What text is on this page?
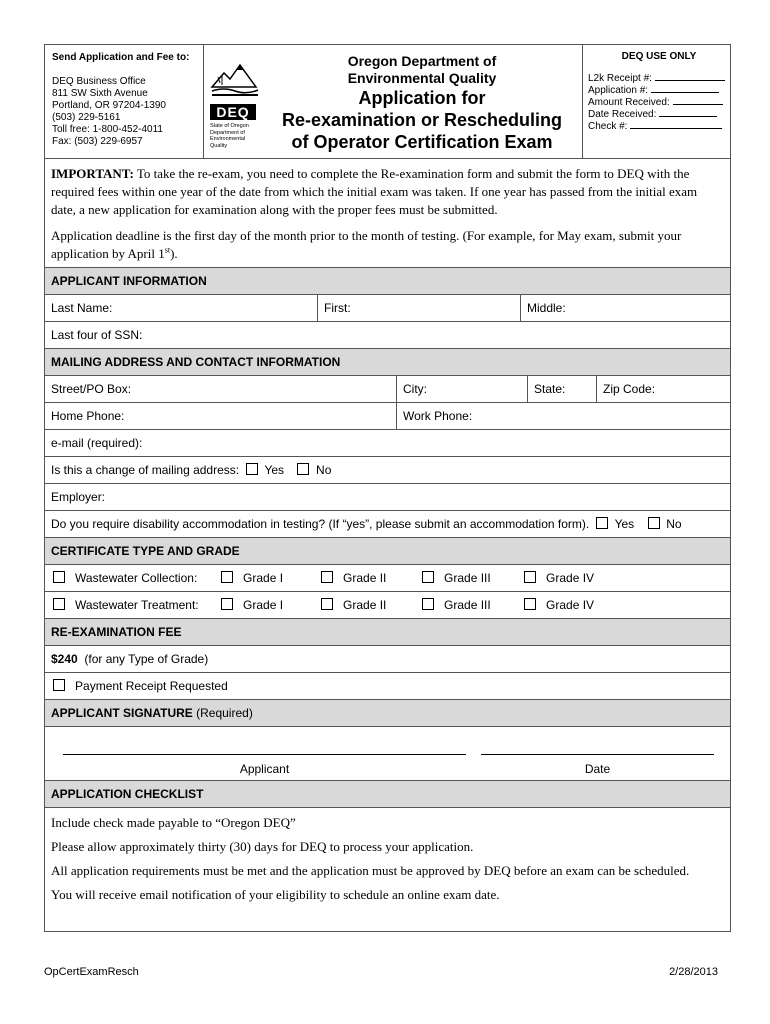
Send Application and Fee to:
DEQ Business Office
811 SW Sixth Avenue
Portland, OR 97204-1390
(503) 229-5161
Toll free: 1-800-452-4011
Fax: (503) 229-6957
DEQ
State of Oregon
Department of
Environmental
Quality
Oregon Department of
Environmental Quality
Application for
Re-examination or Rescheduling
of Operator Certification Exam
DEQ USE ONLY
L2k Receipt #:
Application #:
Amount Received:
Date Received:
Check #:

IMPORTANT: To take the re-exam, you need to complete the Re-examination form and submit the form to DEQ with the required fees within one year of the date from which the initial exam was taken. If one year has passed from the initial exam date, a new application for examination along with the proper fees must be submitted.

Application deadline is the first day of the month prior to the month of testing. (For example, for May exam, submit your application by April 1st).

APPLICANT INFORMATION
Last Name:	First:	Middle:
Last four of SSN:
MAILING ADDRESS AND CONTACT INFORMATION
Street/PO Box:	City:	State:	Zip Code:
Home Phone:	Work Phone:
e-mail (required):
Is this a change of mailing address: Yes	No
Employer:
Do you require disability accommodation in testing? (If “yes”, please submit an accommodation form). Yes	No
CERTIFICATE TYPE AND GRADE
Wastewater Collection:	Grade I	Grade II	Grade III	Grade IV
Wastewater Treatment:	Grade I	Grade II	Grade III	Grade IV
RE-EXAMINATION FEE
$240 (for any Type of Grade)
Payment Receipt Requested
APPLICANT SIGNATURE (Required)
Applicant	Date
APPLICATION CHECKLIST

Include check made payable to “Oregon DEQ”

Please allow approximately thirty (30) days for DEQ to process your application.

All application requirements must be met and the application must be approved by DEQ before an exam can be scheduled.

You will receive email notification of your eligibility to schedule an online exam date.

OpCertExamResch	2/28/2013
